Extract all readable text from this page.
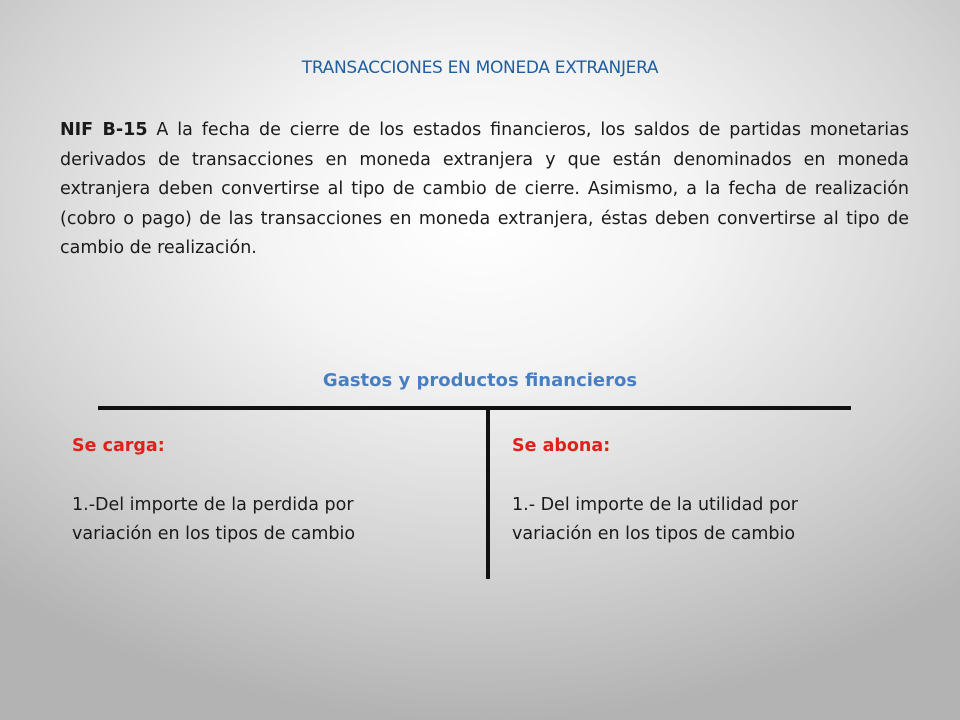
TRANSACCIONES EN MONEDA EXTRANJERA
NIF B-15 A la fecha de cierre de los estados financieros, los saldos de partidas monetarias derivados de transacciones en moneda extranjera y que están denominados en moneda extranjera deben convertirse al tipo de cambio de cierre. Asimismo, a la fecha de realización (cobro o pago) de las transacciones en moneda extranjera, éstas deben convertirse al tipo de cambio de realización.
Gastos y productos financieros
Se carga:
1.-Del importe de la perdida por variación en los tipos de cambio
Se abona:
1.- Del importe de la utilidad por variación en los tipos de cambio
